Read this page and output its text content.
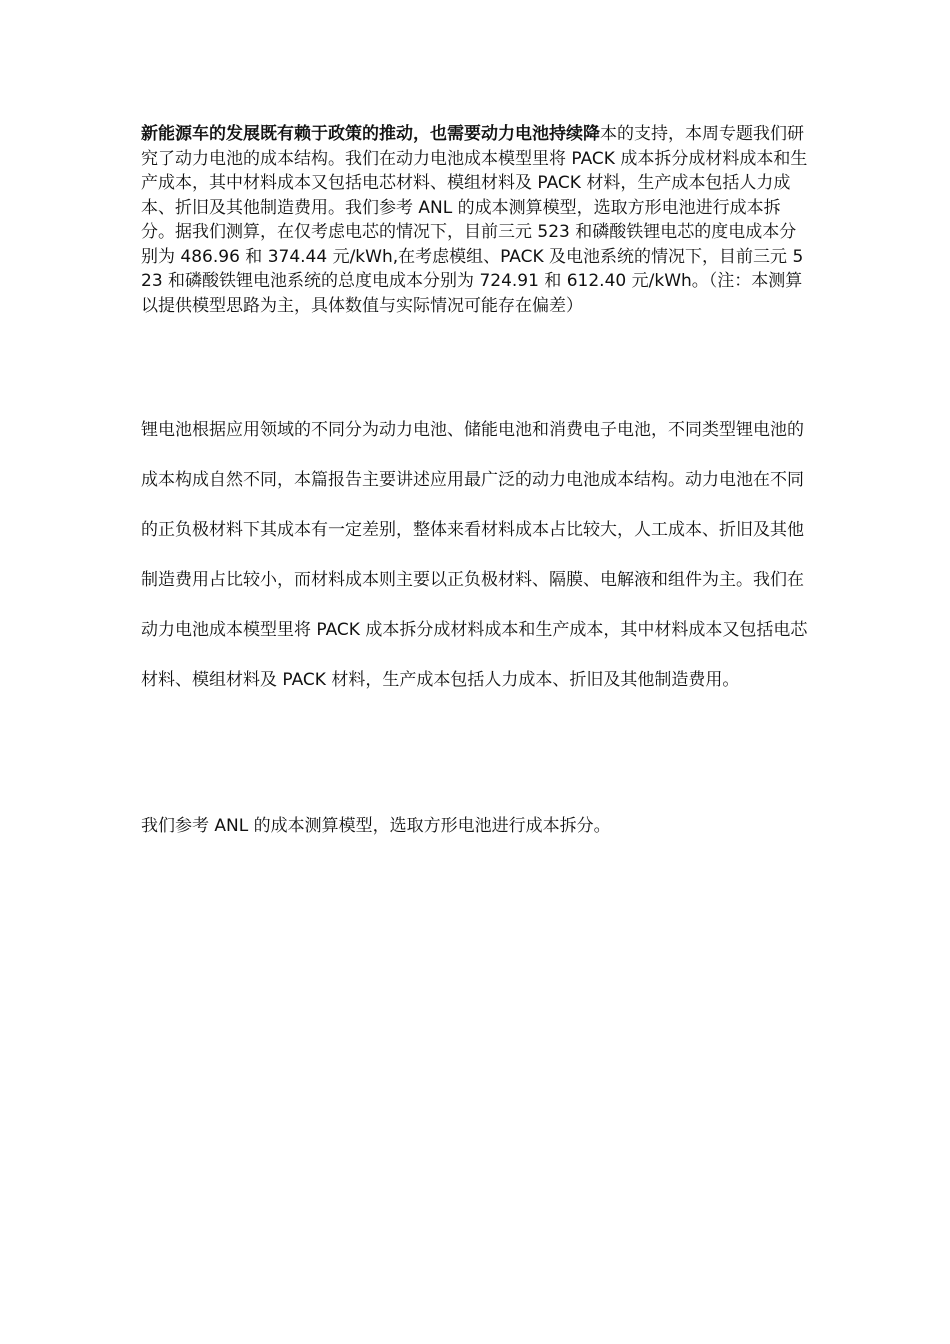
新能源车的发展既有赖于政策的推动，也需要动力电池持续降本的支持，本周专题我们研究了动力电池的成本结构。我们在动力电池成本模型里将 PACK 成本拆分成材料成本和生产成本，其中材料成本又包括电芯材料、模组材料及 PACK 材料，生产成本包括人力成本、折旧及其他制造费用。我们参考 ANL 的成本测算模型，选取方形电池进行成本拆分。据我们测算，在仅考虑电芯的情况下，目前三元 523 和磷酸铁锂电芯的度电成本分别为 486.96 和 374.44 元/kWh,在考虑模组、PACK 及电池系统的情况下，目前三元 523 和磷酸铁锂电池系统的总度电成本分别为 724.91 和 612.40 元/kWh。（注：本测算以提供模型思路为主，具体数值与实际情况可能存在偏差）

锂电池根据应用领域的不同分为动力电池、储能电池和消费电子电池，不同类型锂电池的成本构成自然不同，本篇报告主要讲述应用最广泛的动力电池成本结构。动力电池在不同的正负极材料下其成本有一定差别，整体来看材料成本占比较大，人工成本、折旧及其他制造费用占比较小，而材料成本则主要以正负极材料、隔膜、电解液和组件为主。我们在动力电池成本模型里将 PACK 成本拆分成材料成本和生产成本，其中材料成本又包括电芯材料、模组材料及 PACK 材料，生产成本包括人力成本、折旧及其他制造费用。

我们参考 ANL 的成本测算模型，选取方形电池进行成本拆分。
